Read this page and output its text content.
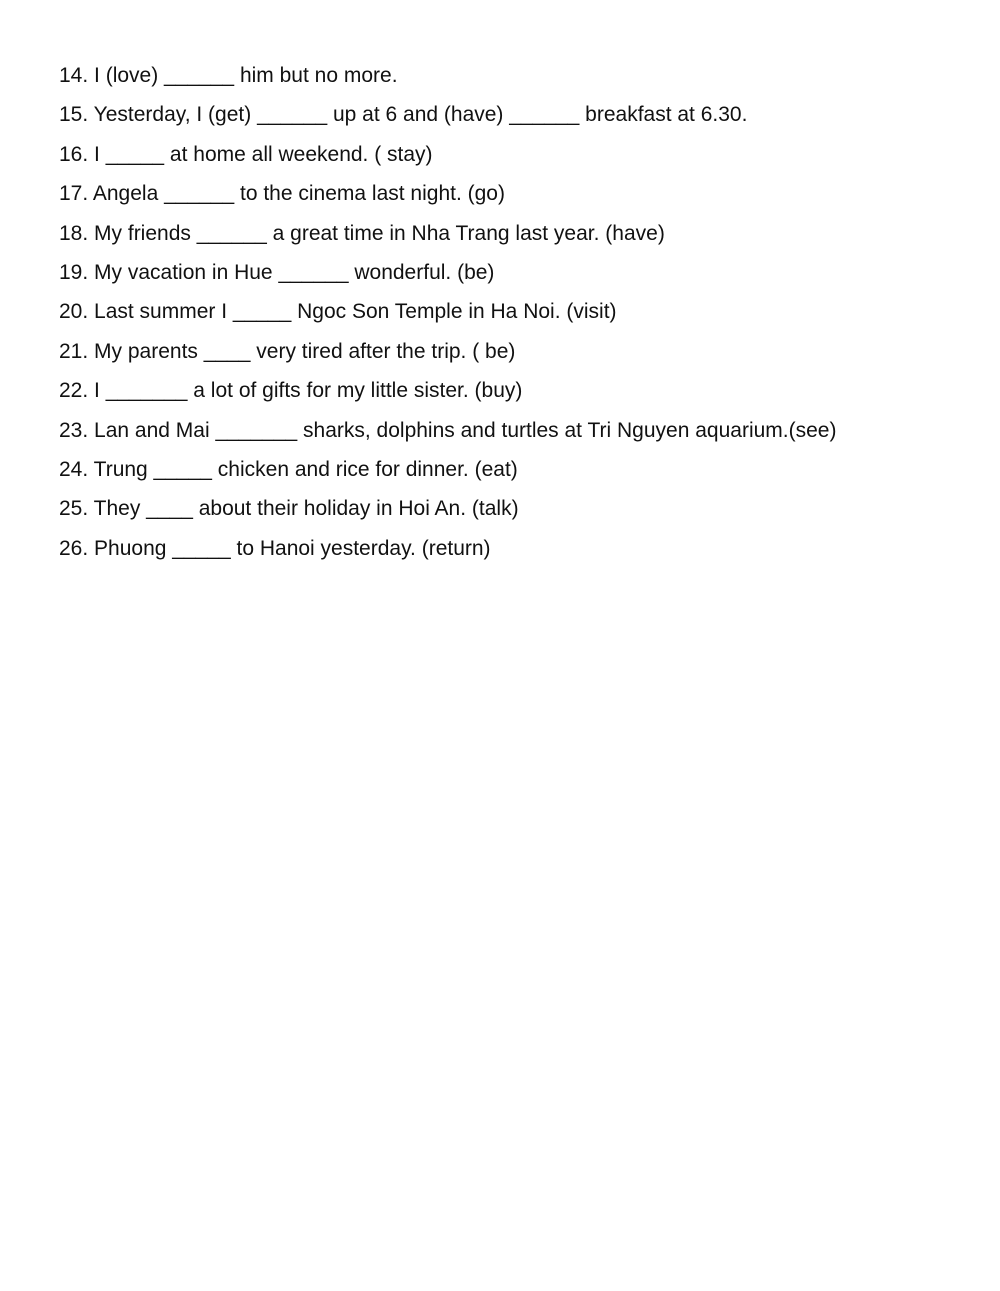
14. I (love) ______ him but no more.
15. Yesterday, I (get) ______ up at 6 and (have) ______ breakfast at 6.30.
16. I _____ at home all weekend. ( stay)
17. Angela ______ to the cinema last night. (go)
18. My friends ______ a great time in Nha Trang last year. (have)
19. My vacation in Hue ______ wonderful. (be)
20. Last summer I _____ Ngoc Son Temple in Ha Noi. (visit)
21. My parents ____ very tired after the trip. ( be)
22. I _______ a lot of gifts for my little sister. (buy)
23. Lan and Mai _______ sharks, dolphins and turtles at Tri Nguyen aquarium.(see)
24. Trung _____ chicken and rice for dinner. (eat)
25. They ____ about their holiday in Hoi An. (talk)
26. Phuong _____ to Hanoi yesterday. (return)
